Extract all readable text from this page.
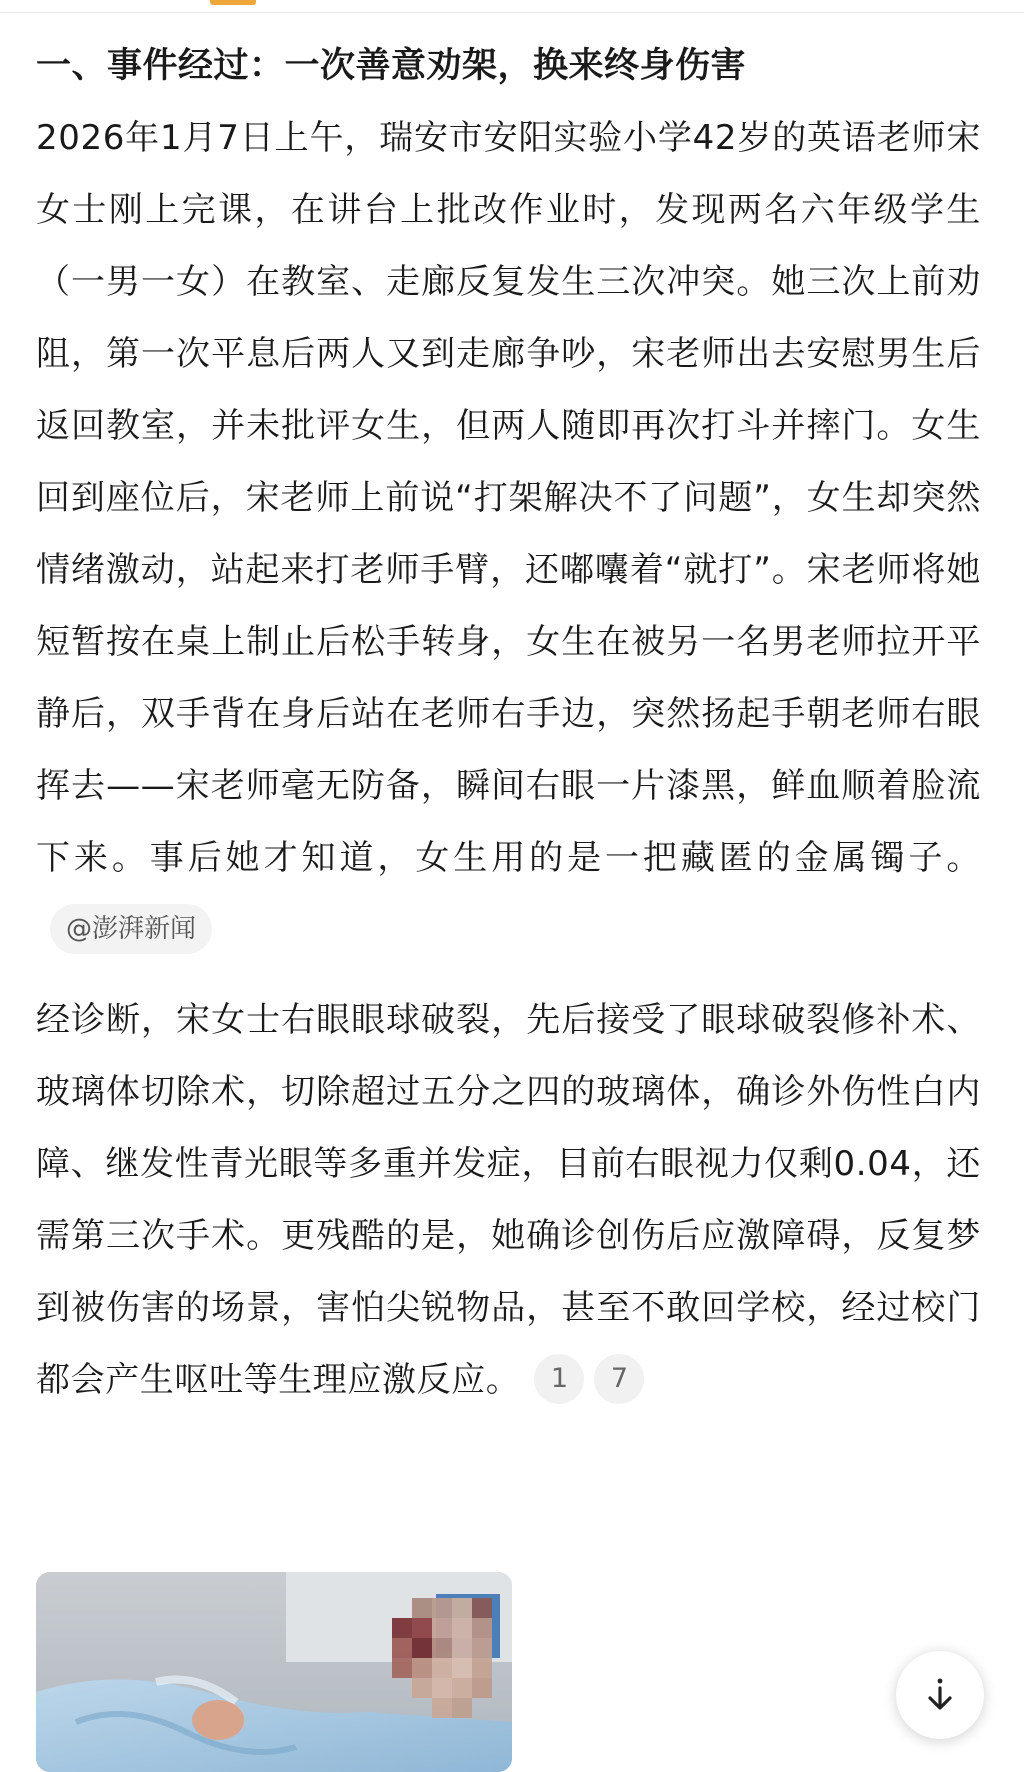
一、事件经过：一次善意劝架，换来终身伤害

2026年1月7日上午，瑞安市安阳实验小学42岁的英语老师宋女士刚上完课，在讲台上批改作业时，发现两名六年级学生（一男一女）在教室、走廊反复发生三次冲突。她三次上前劝阻，第一次平息后两人又到走廊争吵，宋老师出去安慰男生后返回教室，并未批评女生，但两人随即再次打斗并摔门。女生回到座位后，宋老师上前说“打架解决不了问题”，女生却突然情绪激动，站起来打老师手臂，还嘟囔着“就打”。宋老师将她短暂按在桌上制止后松手转身，女生在被另一名男老师拉开平静后，双手背在身后站在老师右手边，突然扬起手朝老师右眼挥去——宋老师毫无防备，瞬间右眼一片漆黑，鲜血顺着脸流下来。事后她才知道，女生用的是一把藏匿的金属镯子。@澎湃新闻

经诊断，宋女士右眼眼球破裂，先后接受了眼球破裂修补术、玻璃体切除术，切除超过五分之四的玻璃体，确诊外伤性白内障、继发性青光眼等多重并发症，目前右眼视力仅剩0.04，还需第三次手术。更残酷的是，她确诊创伤后应激障碍，反复梦到被伤害的场景，害怕尖锐物品，甚至不敢回学校，经过校门都会产生呕吐等生理应激反应。 1 7
